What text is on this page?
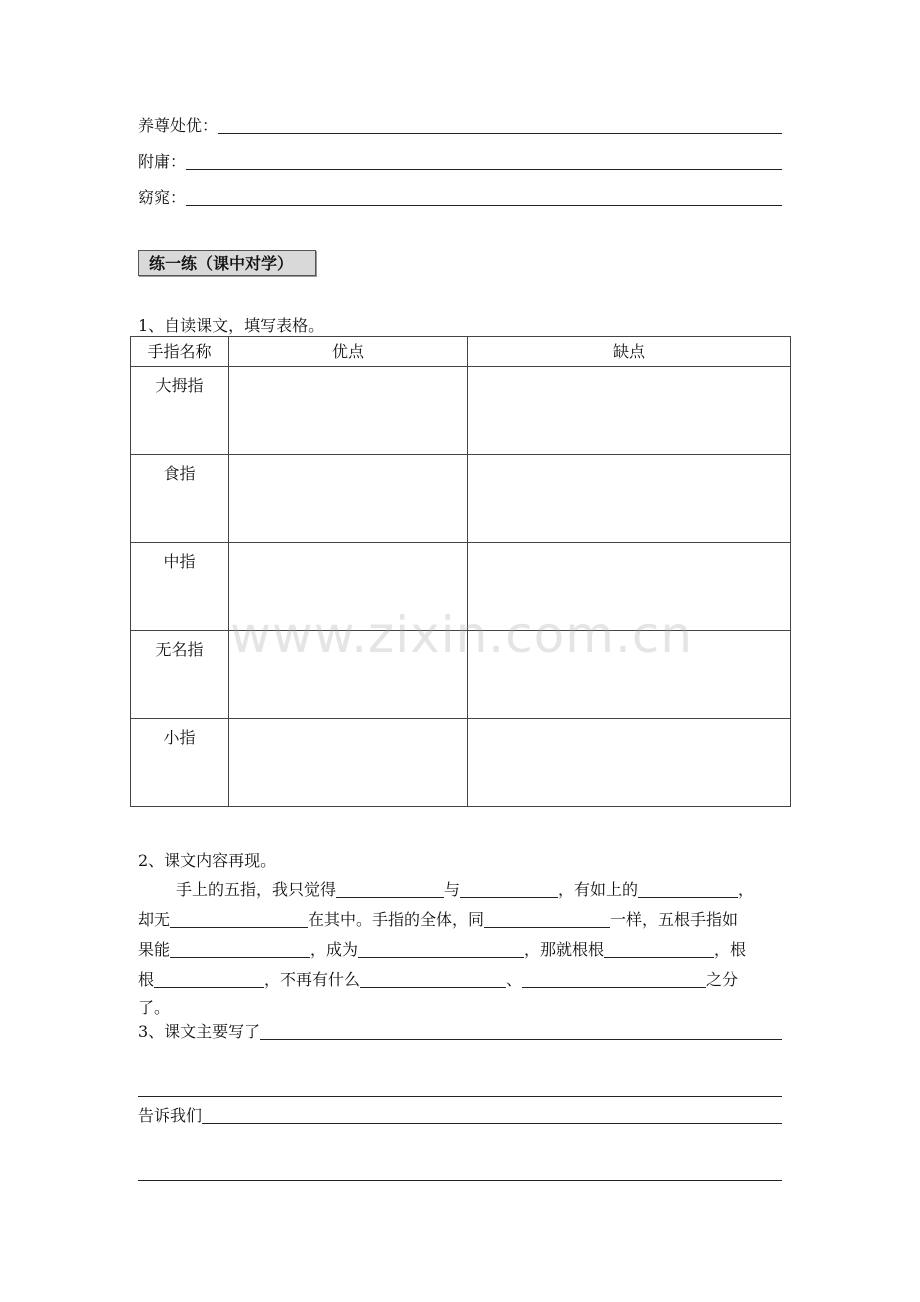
养尊处优：
附庸：
窈窕：
练一练（课中对学）
1、自读课文，填写表格。
手指名称	优点	缺点
大拇指		
食指		
中指		
无名指		
小指		
www.zixin.com.cn
2、课文内容再现。
手上的五指，我只觉得	与	，有如上的	，
却无	在其中。手指的全体，同	一样，五根手指如
果能	，成为	，那就根根	，根
根	，不再有什么	、	之分
了。
3、课文主要写了
告诉我们
